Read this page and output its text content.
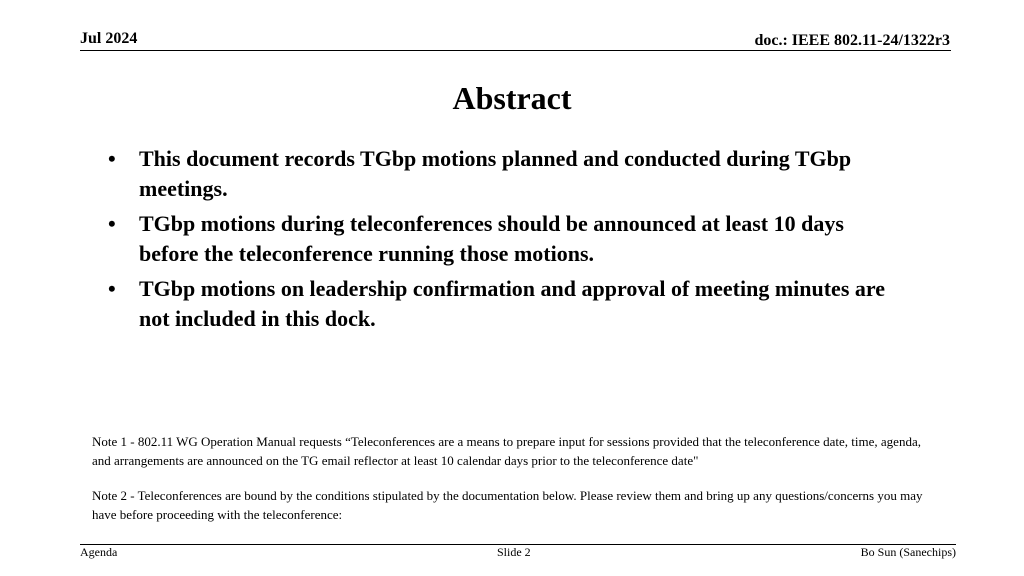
Jul 2024	doc.: IEEE 802.11-24/1322r3
Abstract
• This document records TGbp motions planned and conducted during TGbp meetings.
• TGbp motions during teleconferences should be announced at least 10 days before the teleconference running those motions.
• TGbp motions on leadership confirmation and approval of meeting minutes are not included in this dock.

Note 1 - 802.11 WG Operation Manual requests “Teleconferences are a means to prepare input for sessions provided that the teleconference date, time, agenda, and arrangements are announced on the TG email reflector at least 10 calendar days prior to the teleconference date"

Note 2 - Teleconferences are bound by the conditions stipulated by the documentation below. Please review them and bring up any questions/concerns you may have before proceeding with the teleconference:

Agenda	Slide 2	Bo Sun (Sanechips)
